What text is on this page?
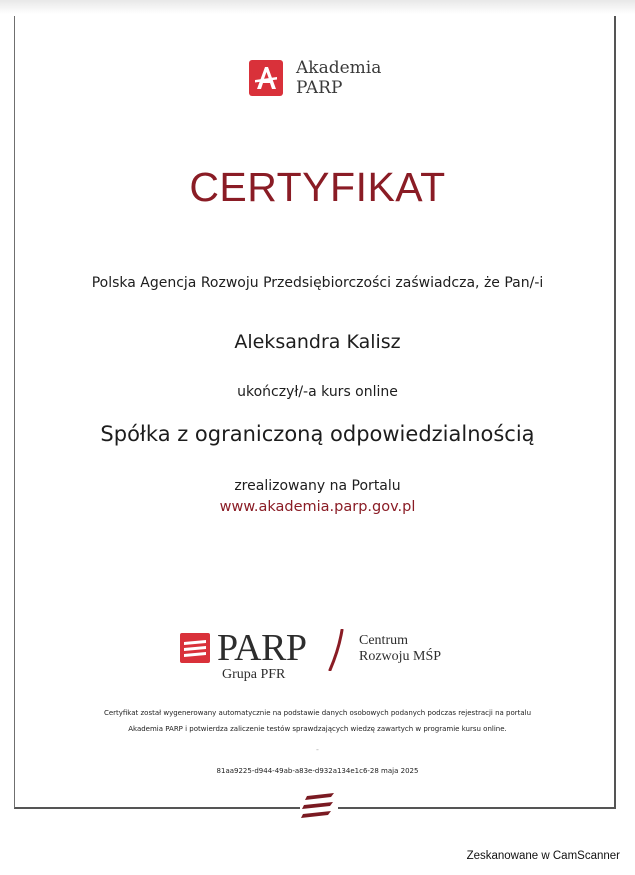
Akademia
PARP
CERTYFIKAT
Polska Agencja Rozwoju Przedsiębiorczości zaświadcza, że Pan/-i
Aleksandra Kalisz
ukończył/-a kurs online
Spółka z ograniczoną odpowiedzialnością
zrealizowany na Portalu
www.akademia.parp.gov.pl
PARP
Grupa PFR
Centrum
Rozwoju MŚP
Certyfikat został wygenerowany automatycznie na podstawie danych osobowych podanych podczas rejestracji na portalu
Akademia PARP i potwierdza zaliczenie testów sprawdzających wiedzę zawartych w programie kursu online.
-
81aa9225-d944-49ab-a83e-d932a134e1c6-28 maja 2025
Zeskanowane w CamScanner
